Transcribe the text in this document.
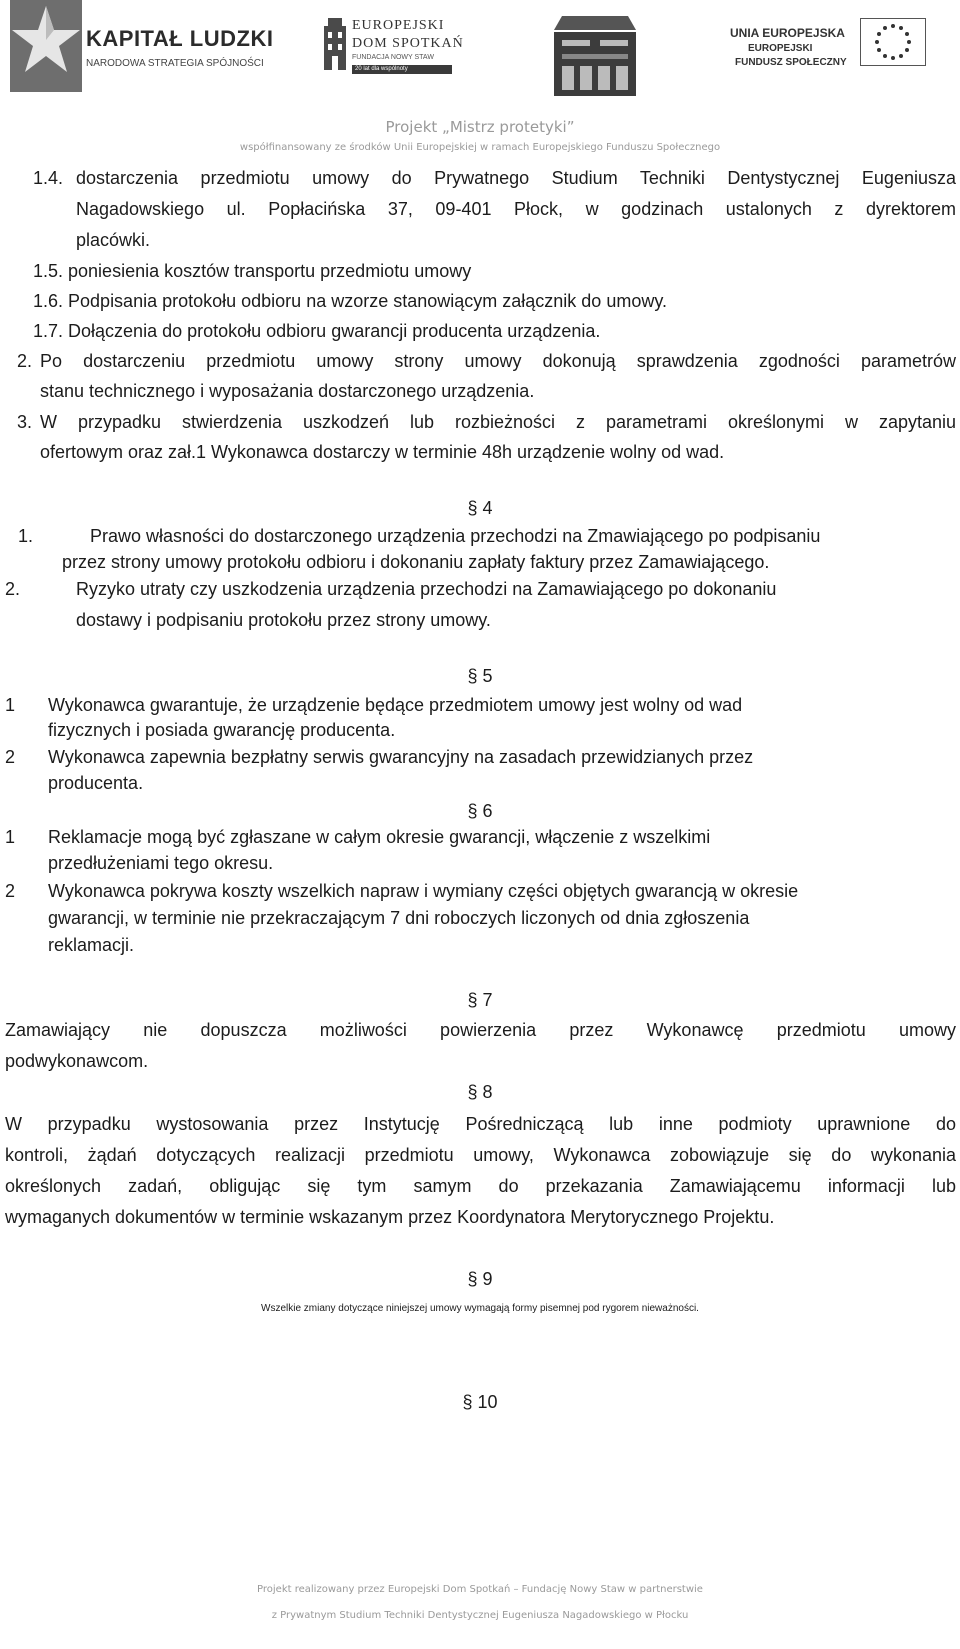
KAPITAŁ LUDZKI
NARODOWA STRATEGIA SPÓJNOŚCI
EUROPEJSKI
DOM SPOTKAŃ
FUNDACJA NOWY STAW
20 lat dla wspólnoty
UNIA EUROPEJSKA
EUROPEJSKI
FUNDUSZ SPOŁECZNY
Projekt „Mistrz protetyki”
współfinansowany ze środków Unii Europejskiej w ramach Europejskiego Funduszu Społecznego
1.4. dostarczenia przedmiotu umowy do Prywatnego Studium Techniki Dentystycznej Eugeniusza
Nagadowskiego ul. Popłacińska 37, 09-401 Płock, w godzinach ustalonych z dyrektorem
placówki.
1.5. poniesienia kosztów transportu przedmiotu umowy
1.6. Podpisania protokołu odbioru na wzorze stanowiącym załącznik do umowy.
1.7. Dołączenia do protokołu odbioru gwarancji producenta urządzenia.
2. Po dostarczeniu przedmiotu umowy strony umowy dokonują sprawdzenia zgodności parametrów
stanu technicznego i wyposażania dostarczonego urządzenia.
3. W przypadku stwierdzenia uszkodzeń lub rozbieżności z parametrami określonymi w zapytaniu
ofertowym oraz zał.1 Wykonawca dostarczy w terminie 48h urządzenie wolny od wad.
§ 4
1.	Prawo własności do dostarczonego urządzenia przechodzi na Zmawiającego po podpisaniu
przez strony umowy protokołu odbioru i dokonaniu zapłaty faktury przez Zamawiającego.
2.	Ryzyko utraty czy uszkodzenia urządzenia przechodzi na Zamawiającego po dokonaniu
dostawy i podpisaniu protokołu przez strony umowy.
§ 5
1 Wykonawca gwarantuje, że urządzenie będące przedmiotem umowy jest wolny od wad
fizycznych i posiada gwarancję producenta.
2 Wykonawca zapewnia bezpłatny serwis gwarancyjny na zasadach przewidzianych przez
producenta.
§ 6
1 Reklamacje mogą być zgłaszane w całym okresie gwarancji, włączenie z wszelkimi
przedłużeniami tego okresu.
2 Wykonawca pokrywa koszty wszelkich napraw i wymiany części objętych gwarancją w okresie
gwarancji, w terminie nie przekraczającym 7 dni roboczych liczonych od dnia zgłoszenia
reklamacji.
§ 7
Zamawiający nie dopuszcza możliwości powierzenia przez Wykonawcę przedmiotu umowy
podwykonawcom.
§ 8
W przypadku wystosowania przez Instytucję Pośredniczącą lub inne podmioty uprawnione do
kontroli, żądań dotyczących realizacji przedmiotu umowy, Wykonawca zobowiązuje się do wykonania
określonych zadań, obligując się tym samym do przekazania Zamawiającemu informacji lub
wymaganych dokumentów w terminie wskazanym przez Koordynatora Merytorycznego Projektu.
§ 9
Wszelkie zmiany dotyczące niniejszej umowy wymagają formy pisemnej pod rygorem nieważności.
§ 10
Projekt realizowany przez Europejski Dom Spotkań – Fundację Nowy Staw w partnerstwie
z Prywatnym Studium Techniki Dentystycznej Eugeniusza Nagadowskiego w Płocku
